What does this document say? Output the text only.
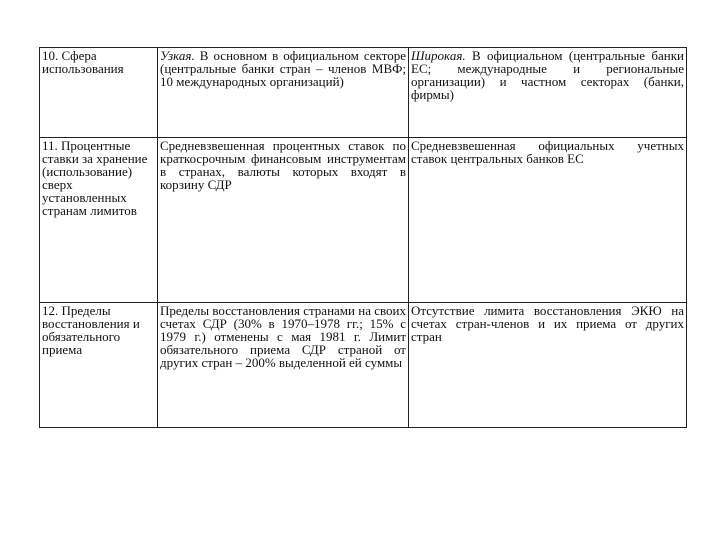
10. Сфера использования	Узкая. В основном в официальном секторе (центральные банки стран – членов МВФ; 10 международных организаций)	Широкая. В официальном (центральные банки ЕС; международные и региональные организации) и частном секторах (банки, фирмы)
11. Процентные ставки за хранение (использование) сверх установленных странам лимитов	Средневзвешенная процентных ставок по краткосрочным финансовым инструментам в странах, валюты которых входят в корзину СДР	Средневзвешенная официальных учетных ставок центральных банков ЕС
12. Пределы восстановления и обязательного приема	Пределы восстановления странами на своих счетах СДР (30% в 1970–1978 гг.; 15% с 1979 г.) отменены с мая 1981 г. Лимит обязательного приема СДР страной от других стран – 200% выделенной ей суммы	Отсутствие лимита восстановления ЭКЮ на счетах стран-членов и их приема от других стран
